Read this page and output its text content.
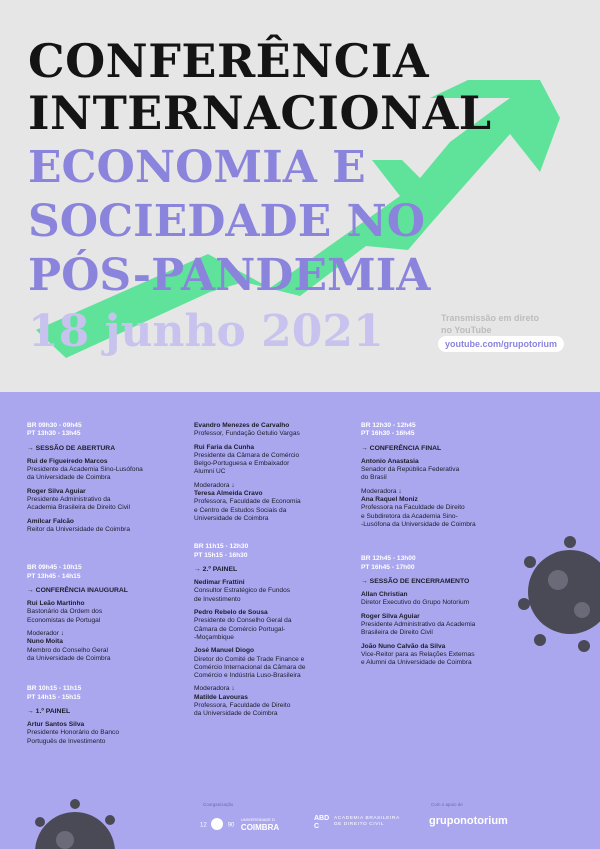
CONFERÊNCIA
INTERNACIONAL
ECONOMIA E
SOCIEDADE NO
PÓS-PANDEMIA
18 junho 2021	Transmissão em direto
no YouTube
youtube.com/grupotorium
BR 09h30 - 09h45
PT 13h30 - 13h45
→ SESSÃO DE ABERTURA
Rui de Figueiredo Marcos
Presidente da Academia Sino-Lusófona
da Universidade de Coimbra
Roger Silva Aguiar
Presidente Administrativo da
Academia Brasileira de Direito Civil
Amílcar Falcão
Reitor da Universidade de Coimbra
BR 09h45 - 10h15
PT 13h45 - 14h15
→ CONFERÊNCIA INAUGURAL
Rui Leão Martinho
Bastonário da Ordem dos
Economistas de Portugal
Moderador ↓
Nuno Moita
Membro do Conselho Geral
da Universidade de Coimbra
BR 10h15 - 11h15
PT 14h15 - 15h15
→ 1.º PAINEL
Artur Santos Silva
Presidente Honorário do Banco
Português de Investimento
Evandro Menezes de Carvalho
Professor, Fundação Getulio Vargas
Rui Faria da Cunha
Presidente da Câmara de Comércio
Belgo-Portuguesa e Embaixador
Alumni UC
Moderadora ↓
Teresa Almeida Cravo
Professora, Faculdade de Economia
e Centro de Estudos Sociais da
Universidade de Coimbra
BR 11h15 - 12h30
PT 15h15 - 16h30
→ 2.º PAINEL
Nedimar Frattini
Consultor Estratégico de Fundos
de Investimento
Pedro Rebelo de Sousa
Presidente do Conselho Geral da
Câmara de Comércio Portugal-
-Moçambique
José Manuel Diogo
Diretor do Comité de Trade Finance e
Comércio Internacional da Câmara de
Comércio e Indústria Luso-Brasileira
Moderadora ↓
Matilde Lavouras
Professora, Faculdade de Direito
da Universidade de Coimbra
BR 12h30 - 12h45
PT 16h30 - 16h45
→ CONFERÊNCIA FINAL
Antonio Anastasia
Senador da República Federativa
do Brasil
Moderadora ↓
Ana Raquel Moniz
Professora na Faculdade de Direito
e Subdiretora da Academia Sino-
-Lusófona da Universidade de Coimbra
BR 12h45 - 13h00
PT 16h45 - 17h00
→ SESSÃO DE ENCERRAMENTO
Allan Christian
Diretor Executivo do Grupo Notorium
Roger Silva Aguiar
Presidente Administrativo da Academia
Brasileira de Direito Civil
João Nuno Calvão da Silva
Vice-Reitor para as Relações Externas
e Alumni da Universidade de Coimbra
Coorganização	Com o apoio de
12	90
UNIVERSIDADE D
COIMBRA
ABDC
ACADEMIA BRASILEIRA
DE DIREITO CIVIL	gruponotorium
